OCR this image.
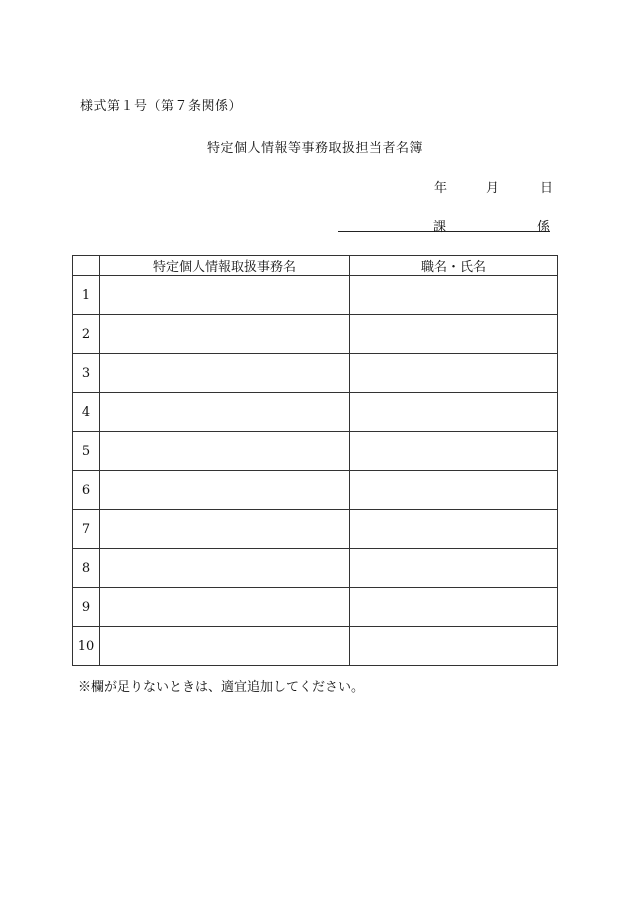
様式第１号（第７条関係）
特定個人情報等事務取扱担当者名簿
年	月	日
課	係
	特定個人情報取扱事務名	職名・氏名
1		
2		
3		
4		
5		
6		
7		
8		
9		
10		
※欄が足りないときは、適宜追加してください。
